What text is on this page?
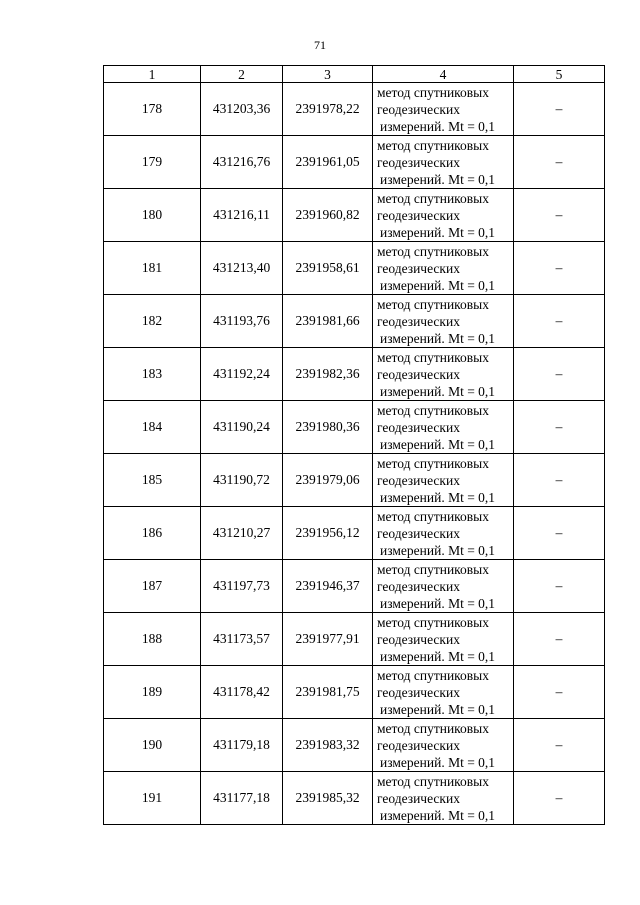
71
1	2	3	4	5
178	431203,36	2391978,22	метод спутниковых
геодезических
измерений. Mt = 0,1	–
179	431216,76	2391961,05	метод спутниковых
геодезических
измерений. Mt = 0,1	–
180	431216,11	2391960,82	метод спутниковых
геодезических
измерений. Mt = 0,1	–
181	431213,40	2391958,61	метод спутниковых
геодезических
измерений. Mt = 0,1	–
182	431193,76	2391981,66	метод спутниковых
геодезических
измерений. Mt = 0,1	–
183	431192,24	2391982,36	метод спутниковых
геодезических
измерений. Mt = 0,1	–
184	431190,24	2391980,36	метод спутниковых
геодезических
измерений. Mt = 0,1	–
185	431190,72	2391979,06	метод спутниковых
геодезических
измерений. Mt = 0,1	–
186	431210,27	2391956,12	метод спутниковых
геодезических
измерений. Mt = 0,1	–
187	431197,73	2391946,37	метод спутниковых
геодезических
измерений. Mt = 0,1	–
188	431173,57	2391977,91	метод спутниковых
геодезических
измерений. Mt = 0,1	–
189	431178,42	2391981,75	метод спутниковых
геодезических
измерений. Mt = 0,1	–
190	431179,18	2391983,32	метод спутниковых
геодезических
измерений. Mt = 0,1	–
191	431177,18	2391985,32	метод спутниковых
геодезических
измерений. Mt = 0,1	–
